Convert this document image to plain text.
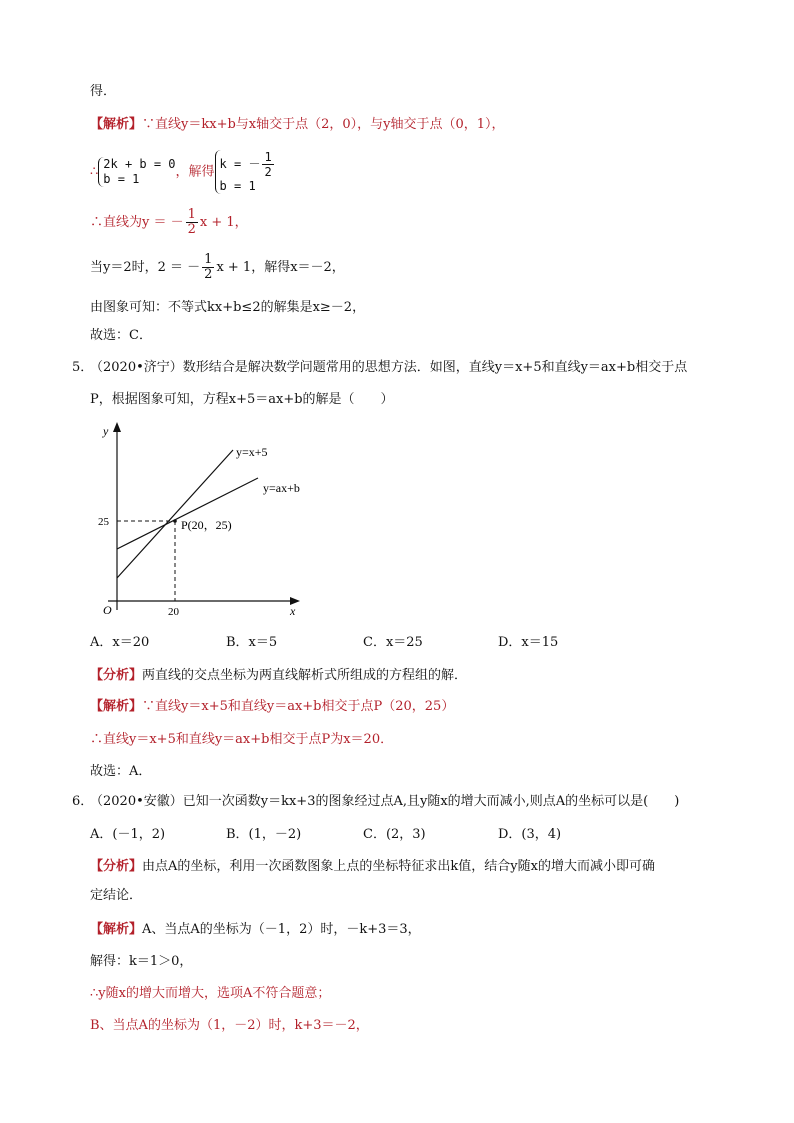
得．
【解析】∵直线y＝kx+b与x轴交于点（2，0），与y轴交于点（0，1），
∴
2k + b = 0
b = 1	，解得
k = － $\frac{1}{2}$
b = 1
∴直线为y ＝ － $\frac{1}{2}$ x + 1，
当y＝2时，2 ＝ － $\frac{1}{2}$ x + 1，解得x＝－2，
由图象可知：不等式kx+b≤2的解集是x≥－2，
故选：C．
5．
（2020•济宁）数形结合是解决数学问题常用的思想方法．如图，直线y＝x+5和直线y＝ax+b相交于点
P，根据图象可知，方程x+5＝ax+b的解是（　　）
y
x
O
y=x+5
y=ax+b
P(20，25)
20
25
A．x＝20	B．x＝5	C．x＝25	D．x＝15
【分析】两直线的交点坐标为两直线解析式所组成的方程组的解．
【解析】∵直线y＝x+5和直线y＝ax+b相交于点P（20，25）
∴直线y＝x+5和直线y＝ax+b相交于点P为x＝20．
故选：A．
6．
（2020•安徽）已知一次函数y＝kx+3的图象经过点A,且y随x的增大而减小,则点A的坐标可以是(　　)
A．(－1，2)	B．(1，－2)	C．(2，3)	D．(3，4)
【分析】由点A的坐标，利用一次函数图象上点的坐标特征求出k值，结合y随x的增大而减小即可确
定结论．
【解析】A、当点A的坐标为（－1，2）时，－k+3＝3，
解得：k＝1＞0，
∴y随x的增大而增大，选项A不符合题意；
B、当点A的坐标为（1，－2）时，k+3＝－2，
